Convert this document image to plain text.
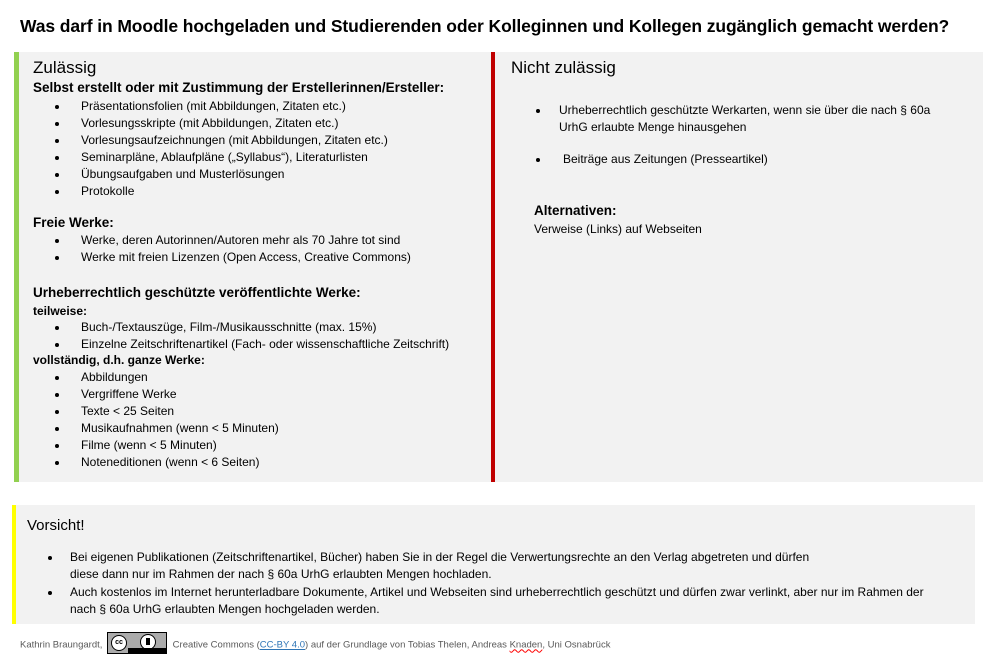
Was darf in Moodle hochgeladen und Studierenden oder Kolleginnen und Kollegen zugänglich gemacht werden?
Zulässig
Selbst erstellt oder mit Zustimmung der Erstellerinnen/Ersteller:
Präsentationsfolien (mit Abbildungen, Zitaten etc.)
Vorlesungsskripte (mit Abbildungen, Zitaten etc.)
Vorlesungsaufzeichnungen (mit Abbildungen, Zitaten etc.)
Seminarpläne, Ablaufpläne („Syllabus“), Literaturlisten
Übungsaufgaben und Musterlösungen
Protokolle
Freie Werke:
Werke, deren Autorinnen/Autoren mehr als 70 Jahre tot sind
Werke mit freien Lizenzen (Open Access, Creative Commons)
Urheberrechtlich geschützte veröffentlichte Werke:
teilweise:
Buch-/Textauszüge, Film-/Musikausschnitte (max. 15%)
Einzelne Zeitschriftenartikel (Fach- oder wissenschaftliche Zeitschrift)
vollständig, d.h. ganze Werke:
Abbildungen
Vergriffene Werke
Texte < 25 Seiten
Musikaufnahmen (wenn < 5 Minuten)
Filme (wenn < 5 Minuten)
Noteneditionen (wenn < 6 Seiten)
Nicht zulässig
Urheberrechtlich geschützte Werkarten, wenn sie über die nach § 60a
UrhG erlaubte Menge hinausgehen
Beiträge aus Zeitungen (Presseartikel)
Alternativen:
Verweise (Links) auf Webseiten
Vorsicht!
Bei eigenen Publikationen (Zeitschriftenartikel, Bücher) haben Sie in der Regel die Verwertungsrechte an den Verlag abgetreten und dürfen
diese dann nur im Rahmen der nach § 60a UrhG erlaubten Mengen hochladen.
Auch kostenlos im Internet herunterladbare Dokumente, Artikel und Webseiten sind urheberrechtlich geschützt und dürfen zwar verlinkt, aber nur im Rahmen der
nach § 60a UrhG erlaubten Mengen hochgeladen werden.
Kathrin Braungardt,	cc	Creative Commons (CC-BY 4.0) auf der Grundlage von Tobias Thelen, Andreas Knaden, Uni Osnabrück
